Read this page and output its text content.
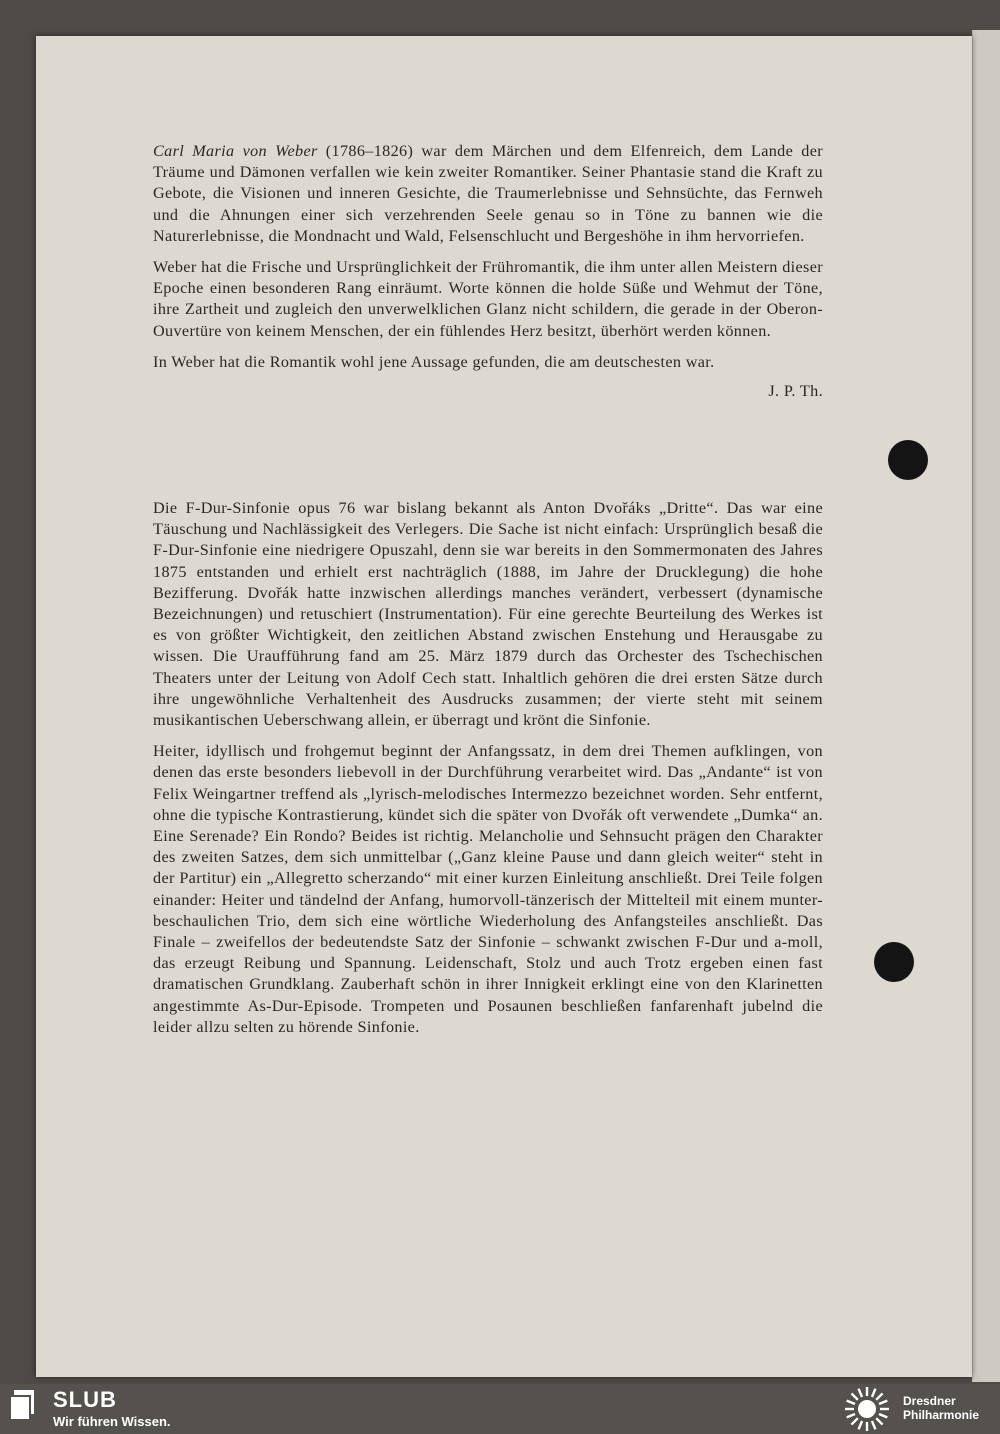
Carl Maria von Weber (1786–1826) war dem Märchen und dem Elfenreich, dem Lande der Träume und Dämonen verfallen wie kein zweiter Romantiker. Seiner Phantasie stand die Kraft zu Gebote, die Visionen und inneren Gesichte, die Traumerlebnisse und Sehnsüchte, das Fernweh und die Ahnungen einer sich verzehrenden Seele genau so in Töne zu bannen wie die Naturerlebnisse, die Mondnacht und Wald, Felsenschlucht und Bergeshöhe in ihm hervorriefen.

Weber hat die Frische und Ursprünglichkeit der Frühromantik, die ihm unter allen Meistern dieser Epoche einen besonderen Rang einräumt. Worte können die holde Süße und Wehmut der Töne, ihre Zartheit und zugleich den unverwelklichen Glanz nicht schildern, die gerade in der Oberon-Ouvertüre von keinem Menschen, der ein fühlendes Herz besitzt, überhört werden können.

In Weber hat die Romantik wohl jene Aussage gefunden, die am deutschesten war.

J. P. Th.

Die F-Dur-Sinfonie opus 76 war bislang bekannt als Anton Dvořáks „Dritte“. Das war eine Täuschung und Nachlässigkeit des Verlegers. Die Sache ist nicht einfach: Ursprünglich besaß die F-Dur-Sinfonie eine niedrigere Opuszahl, denn sie war bereits in den Sommermonaten des Jahres 1875 entstanden und erhielt erst nachträglich (1888, im Jahre der Drucklegung) die hohe Bezifferung. Dvořák hatte inzwischen allerdings manches verändert, verbessert (dynamische Bezeichnungen) und retuschiert (Instrumentation). Für eine gerechte Beurteilung des Werkes ist es von größter Wichtigkeit, den zeitlichen Abstand zwischen Enstehung und Herausgabe zu wissen. Die Uraufführung fand am 25. März 1879 durch das Orchester des Tschechischen Theaters unter der Leitung von Adolf Cech statt. Inhaltlich gehören die drei ersten Sätze durch ihre ungewöhnliche Verhaltenheit des Ausdrucks zusammen; der vierte steht mit seinem musikantischen Ueberschwang allein, er überragt und krönt die Sinfonie.

Heiter, idyllisch und frohgemut beginnt der Anfangssatz, in dem drei Themen aufklingen, von denen das erste besonders liebevoll in der Durchführung verarbeitet wird. Das „Andante“ ist von Felix Weingartner treffend als „lyrisch-melodisches Intermezzo bezeichnet worden. Sehr entfernt, ohne die typische Kontrastierung, kündet sich die später von Dvořák oft verwendete „Dumka“ an. Eine Serenade? Ein Rondo? Beides ist richtig. Melancholie und Sehnsucht prägen den Charakter des zweiten Satzes, dem sich unmittelbar („Ganz kleine Pause und dann gleich weiter“ steht in der Partitur) ein „Allegretto scherzando“ mit einer kurzen Einleitung anschließt. Drei Teile folgen einander: Heiter und tändelnd der Anfang, humorvoll-tänzerisch der Mittelteil mit einem munter-beschaulichen Trio, dem sich eine wörtliche Wiederholung des Anfangsteiles anschließt. Das Finale – zweifellos der bedeutendste Satz der Sinfonie – schwankt zwischen F-Dur und a-moll, das erzeugt Reibung und Spannung. Leidenschaft, Stolz und auch Trotz ergeben einen fast dramatischen Grundklang. Zauberhaft schön in ihrer Innigkeit erklingt eine von den Klarinetten angestimmte As-Dur-Episode. Trompeten und Posaunen beschließen fanfarenhaft jubelnd die leider allzu selten zu hörende Sinfonie.

SLUB
Wir führen Wissen.
Dresdner
Philharmonie
